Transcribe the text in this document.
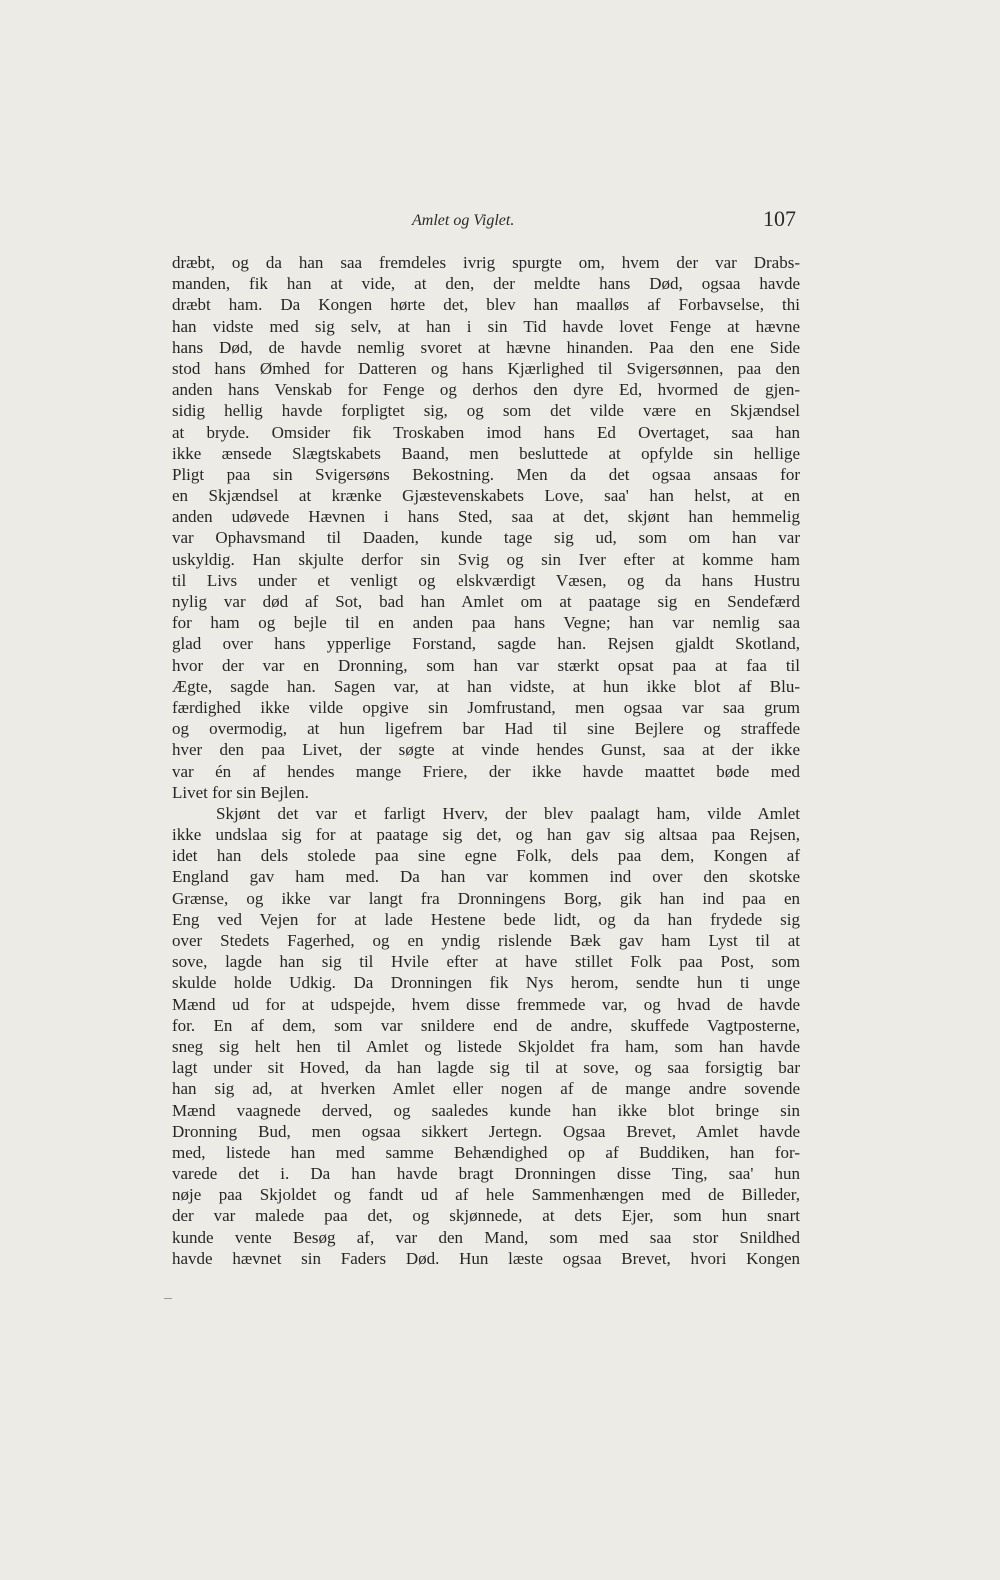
Amlet og Viglet.	107
dræbt, og da han saa fremdeles ivrig spurgte om, hvem der var Drabs-
manden, fik han at vide, at den, der meldte hans Død, ogsaa havde
dræbt ham. Da Kongen hørte det, blev han maalløs af Forbavselse, thi
han vidste med sig selv, at han i sin Tid havde lovet Fenge at hævne
hans Død, de havde nemlig svoret at hævne hinanden. Paa den ene Side
stod hans Ømhed for Datteren og hans Kjærlighed til Svigersønnen, paa den
anden hans Venskab for Fenge og derhos den dyre Ed, hvormed de gjen-
sidig hellig havde forpligtet sig, og som det vilde være en Skjændsel
at bryde. Omsider fik Troskaben imod hans Ed Overtaget, saa han
ikke ænsede Slægtskabets Baand, men besluttede at opfylde sin hellige
Pligt paa sin Svigersøns Bekostning. Men da det ogsaa ansaas for
en Skjændsel at krænke Gjæstevenskabets Love, saa' han helst, at en
anden udøvede Hævnen i hans Sted, saa at det, skjønt han hemmelig
var Ophavsmand til Daaden, kunde tage sig ud, som om han var
uskyldig. Han skjulte derfor sin Svig og sin Iver efter at komme ham
til Livs under et venligt og elskværdigt Væsen, og da hans Hustru
nylig var død af Sot, bad han Amlet om at paatage sig en Sendefærd
for ham og bejle til en anden paa hans Vegne; han var nemlig saa
glad over hans ypperlige Forstand, sagde han. Rejsen gjaldt Skotland,
hvor der var en Dronning, som han var stærkt opsat paa at faa til
Ægte, sagde han. Sagen var, at han vidste, at hun ikke blot af Blu-
færdighed ikke vilde opgive sin Jomfrustand, men ogsaa var saa grum
og overmodig, at hun ligefrem bar Had til sine Bejlere og straffede
hver den paa Livet, der søgte at vinde hendes Gunst, saa at der ikke
var én af hendes mange Friere, der ikke havde maattet bøde med
Livet for sin Bejlen.
Skjønt det var et farligt Hverv, der blev paalagt ham, vilde Amlet
ikke undslaa sig for at paatage sig det, og han gav sig altsaa paa Rejsen,
idet han dels stolede paa sine egne Folk, dels paa dem, Kongen af
England gav ham med. Da han var kommen ind over den skotske
Grænse, og ikke var langt fra Dronningens Borg, gik han ind paa en
Eng ved Vejen for at lade Hestene bede lidt, og da han frydede sig
over Stedets Fagerhed, og en yndig rislende Bæk gav ham Lyst til at
sove, lagde han sig til Hvile efter at have stillet Folk paa Post, som
skulde holde Udkig. Da Dronningen fik Nys herom, sendte hun ti unge
Mænd ud for at udspejde, hvem disse fremmede var, og hvad de havde
for. En af dem, som var snildere end de andre, skuffede Vagtposterne,
sneg sig helt hen til Amlet og listede Skjoldet fra ham, som han havde
lagt under sit Hoved, da han lagde sig til at sove, og saa forsigtig bar
han sig ad, at hverken Amlet eller nogen af de mange andre sovende
Mænd vaagnede derved, og saaledes kunde han ikke blot bringe sin
Dronning Bud, men ogsaa sikkert Jertegn. Ogsaa Brevet, Amlet havde
med, listede han med samme Behændighed op af Buddiken, han for-
varede det i. Da han havde bragt Dronningen disse Ting, saa' hun
nøje paa Skjoldet og fandt ud af hele Sammenhængen med de Billeder,
der var malede paa det, og skjønnede, at dets Ejer, som hun snart
kunde vente Besøg af, var den Mand, som med saa stor Snildhed
havde hævnet sin Faders Død. Hun læste ogsaa Brevet, hvori Kongen
